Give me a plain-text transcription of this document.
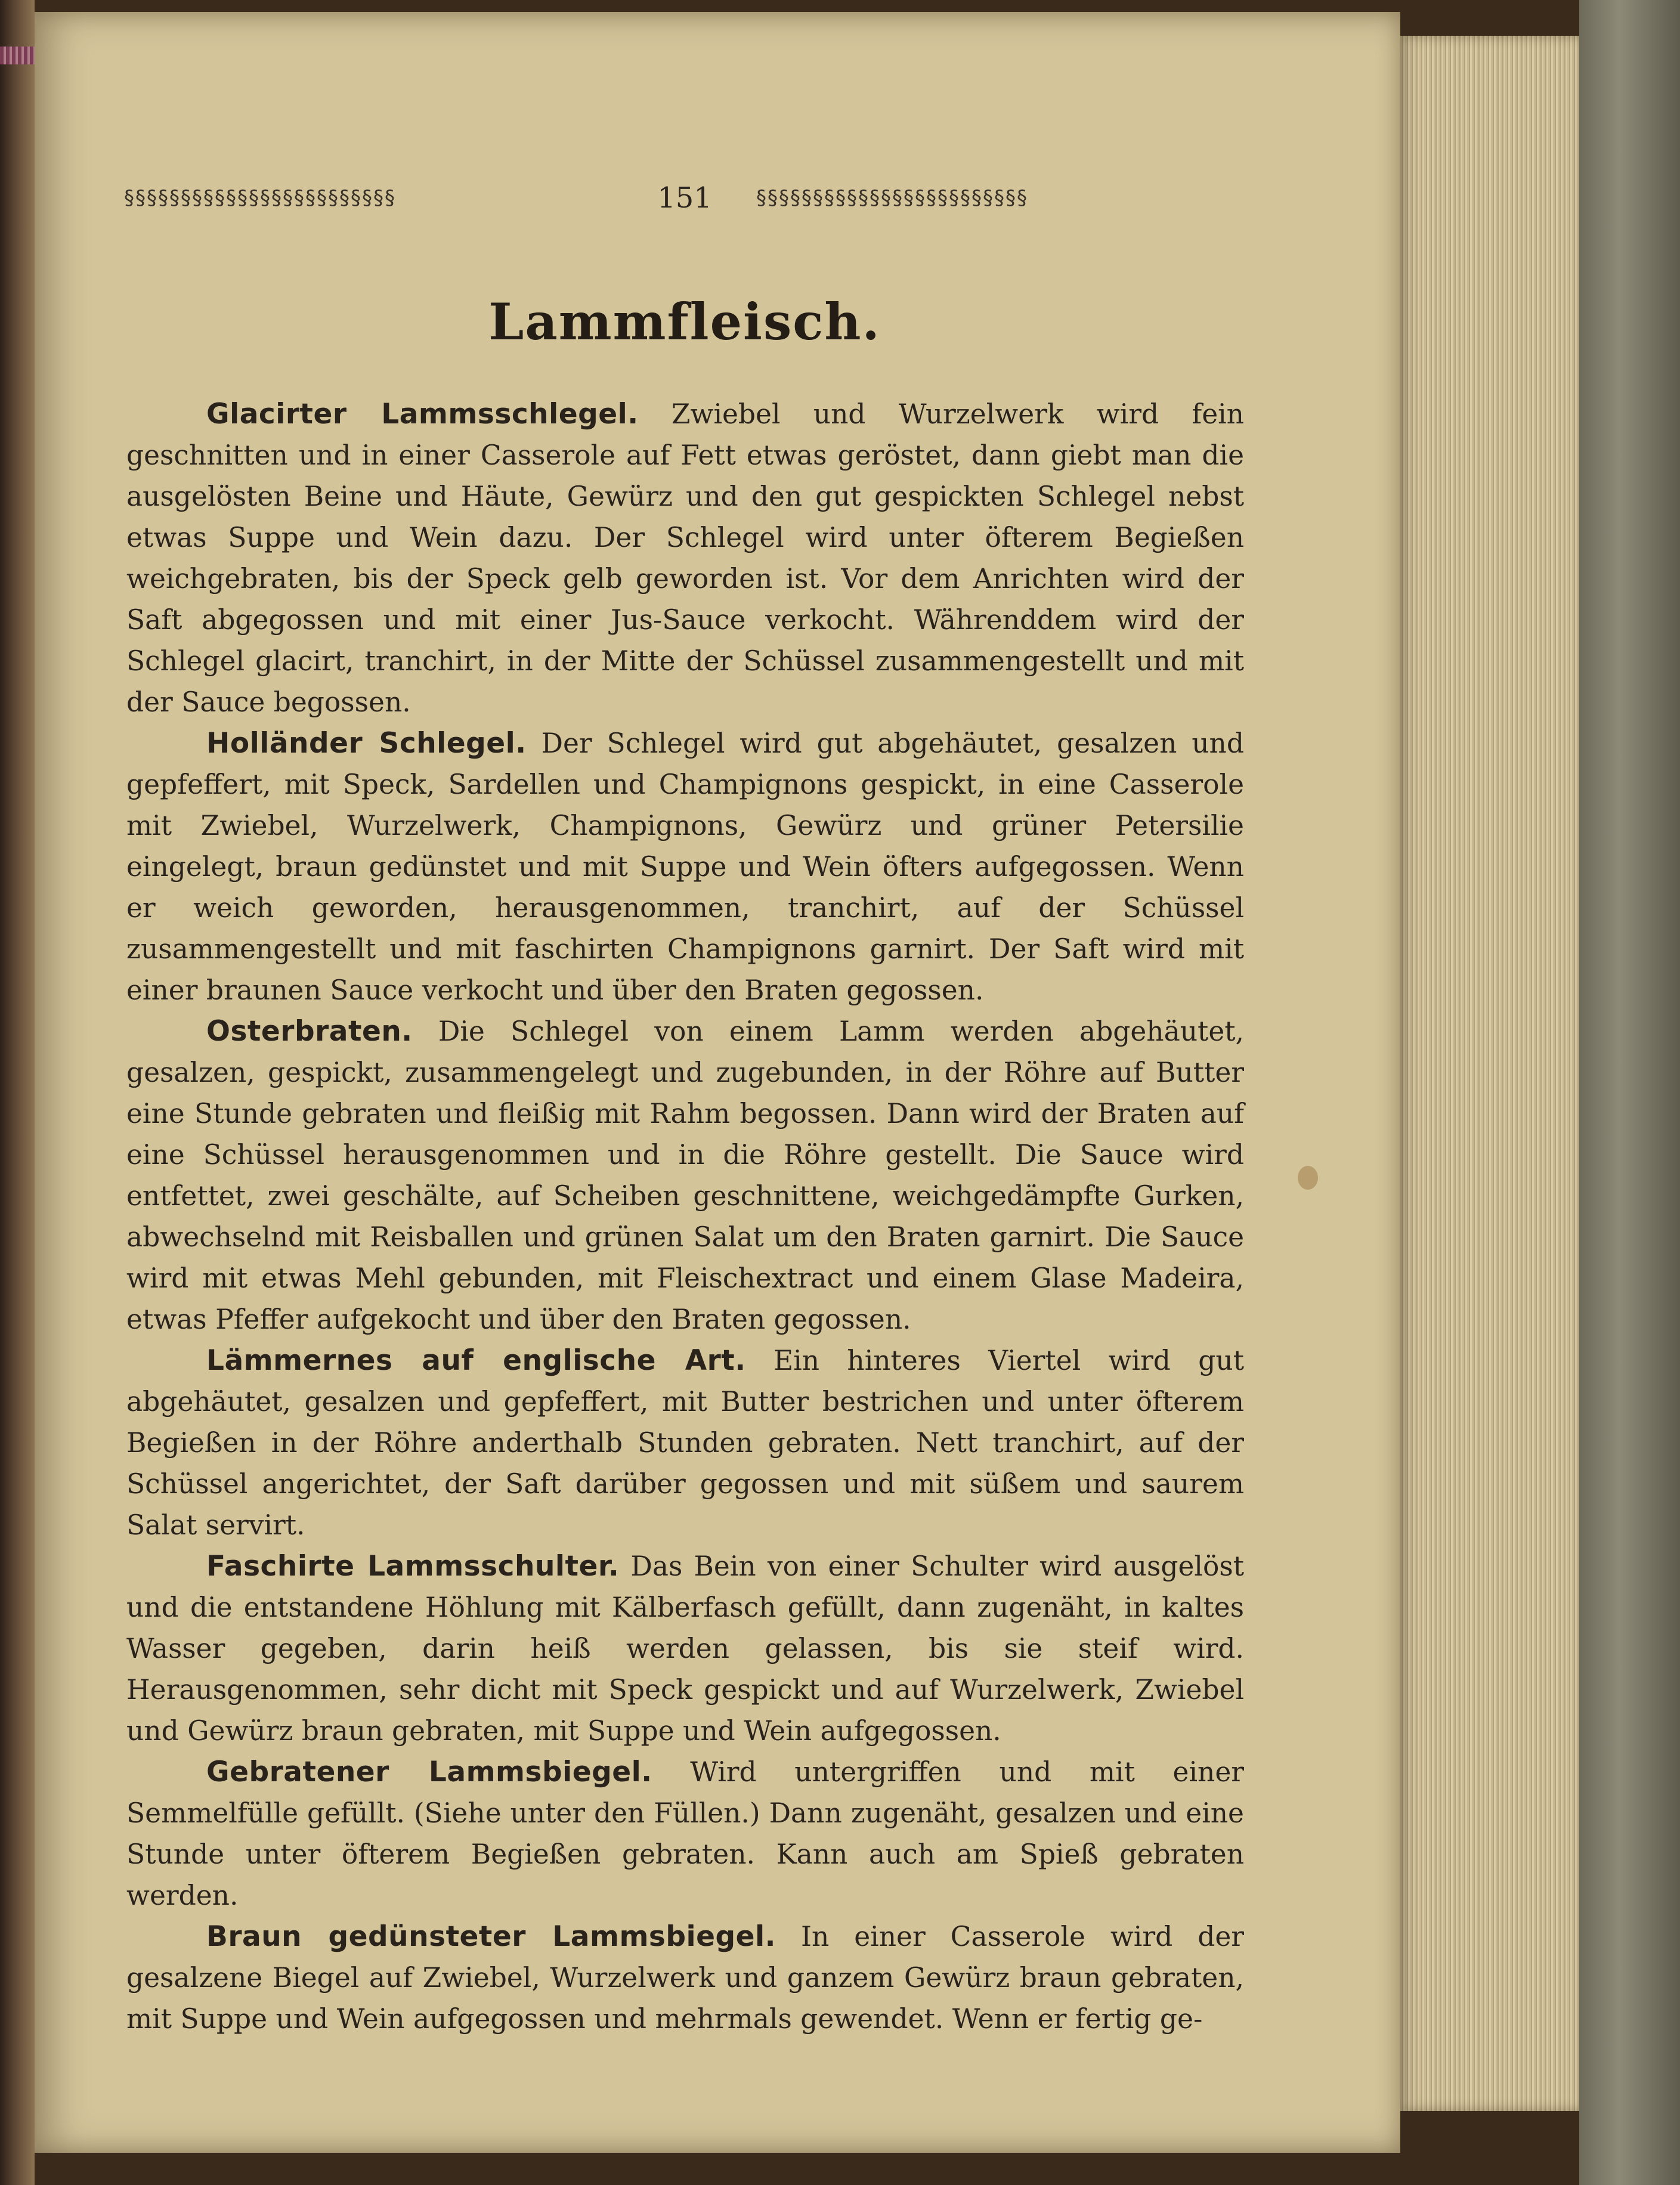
§§§§§§§§§§§§§§§§§§§§§§§§	151	§§§§§§§§§§§§§§§§§§§§§§§§
Lammfleisch.

Glacirter Lammsschlegel. Zwiebel und Wurzelwerk wird fein geschnitten und in einer Casserole auf Fett etwas geröstet, dann giebt man die ausgelösten Beine und Häute, Gewürz und den gut gespickten Schlegel nebst etwas Suppe und Wein dazu. Der Schlegel wird unter öfterem Begießen weichgebraten, bis der Speck gelb geworden ist. Vor dem Anrichten wird der Saft abgegossen und mit einer Jus-Sauce verkocht. Währenddem wird der Schlegel glacirt, tranchirt, in der Mitte der Schüssel zusammengestellt und mit der Sauce begossen.

Holländer Schlegel. Der Schlegel wird gut abgehäutet, gesalzen und gepfeffert, mit Speck, Sardellen und Champignons gespickt, in eine Casserole mit Zwiebel, Wurzelwerk, Champignons, Gewürz und grüner Petersilie eingelegt, braun gedünstet und mit Suppe und Wein öfters aufgegossen. Wenn er weich geworden, herausgenommen, tranchirt, auf der Schüssel zusammengestellt und mit faschirten Champignons garnirt. Der Saft wird mit einer braunen Sauce verkocht und über den Braten gegossen.

Osterbraten. Die Schlegel von einem Lamm werden abgehäutet, gesalzen, gespickt, zusammengelegt und zugebunden, in der Röhre auf Butter eine Stunde gebraten und fleißig mit Rahm begossen. Dann wird der Braten auf eine Schüssel herausgenommen und in die Röhre gestellt. Die Sauce wird entfettet, zwei geschälte, auf Scheiben geschnittene, weichgedämpfte Gurken, abwechselnd mit Reisballen und grünen Salat um den Braten garnirt. Die Sauce wird mit etwas Mehl gebunden, mit Fleischextract und einem Glase Madeira, etwas Pfeffer aufgekocht und über den Braten gegossen.

Lämmernes auf englische Art. Ein hinteres Viertel wird gut abgehäutet, gesalzen und gepfeffert, mit Butter bestrichen und unter öfterem Begießen in der Röhre anderthalb Stunden gebraten. Nett tranchirt, auf der Schüssel angerichtet, der Saft darüber gegossen und mit süßem und saurem Salat servirt.

Faschirte Lammsschulter. Das Bein von einer Schulter wird ausgelöst und die entstandene Höhlung mit Kälberfasch gefüllt, dann zugenäht, in kaltes Wasser gegeben, darin heiß werden gelassen, bis sie steif wird. Herausgenommen, sehr dicht mit Speck gespickt und auf Wurzelwerk, Zwiebel und Gewürz braun gebraten, mit Suppe und Wein aufgegossen.

Gebratener Lammsbiegel. Wird untergriffen und mit einer Semmelfülle gefüllt. (Siehe unter den Füllen.) Dann zugenäht, gesalzen und eine Stunde unter öfterem Begießen gebraten. Kann auch am Spieß gebraten werden.

Braun gedünsteter Lammsbiegel. In einer Casserole wird der gesalzene Biegel auf Zwiebel, Wurzelwerk und ganzem Gewürz braun gebraten, mit Suppe und Wein aufgegossen und mehrmals gewendet. Wenn er fertig ge-
